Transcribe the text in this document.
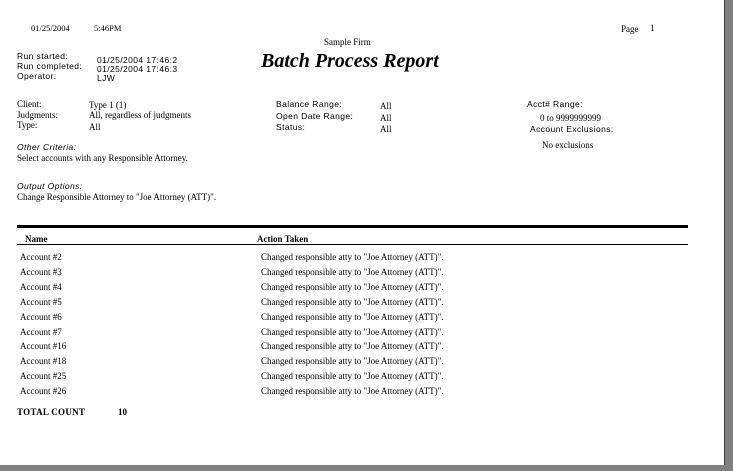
01/25/2004	5:46PM	Page 1
Sample Firm
Batch Process Report
Run started:	01/25/2004 17:46:2
Run completed: 01/25/2004 17:46:3
Operator:	LJW
Client:	Type 1 (1)
Judgments:	All, regardless of judgments
Type:	All
Balance Range:	All
Open Date Range:	All
Status:	All
Acct# Range:
0 to 9999999999
Account Exclusions:
No exclusions
Other Criteria:
Select accounts with any Responsible Attorney.
Output Options:
Change Responsible Attorney to "Joe Attorney (ATT)".
Name	Action Taken
Account #2	Changed responsible atty to "Joe Attorney (ATT)".
Account #3	Changed responsible atty to "Joe Attorney (ATT)".
Account #4	Changed responsible atty to "Joe Attorney (ATT)".
Account #5	Changed responsible atty to "Joe Attorney (ATT)".
Account #6	Changed responsible atty to "Joe Attorney (ATT)".
Account #7	Changed responsible atty to "Joe Attorney (ATT)".
Account #16	Changed responsible atty to "Joe Attorney (ATT)".
Account #18	Changed responsible atty to "Joe Attorney (ATT)".
Account #25	Changed responsible atty to "Joe Attorney (ATT)".
Account #26	Changed responsible atty to "Joe Attorney (ATT)".
TOTAL COUNT	10
